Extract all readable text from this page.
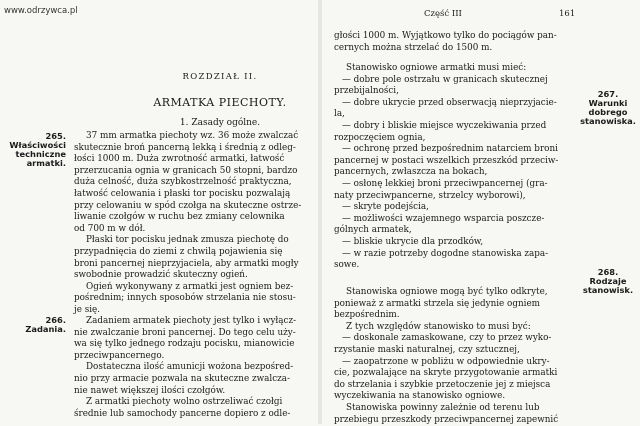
www.odrzywca.pl	Część III	161
ROZDZIAŁ II.
ARMATKA PIECHOTY.
1. Zasady ogólne.
37 mm armatka piechoty wz. 36 może zwalczać
skutecznie broń pancerną lekką i średnią z odleg-
łości 1000 m. Duża zwrotność armatki, łatwość
przerzucania ognia w granicach 50 stopni, bardzo
duża celność, duża szybkostrzelność praktyczna,
łatwość celowania i płaski tor pocisku pozwalają
przy celowaniu w spód czołga na skuteczne ostrze-
liwanie czołgów w ruchu bez zmiany celownika
od 700 m w dół.
Płaski tor pocisku jednak zmusza piechotę do
przypadnięcia do ziemi z chwilą pojawienia się
broni pancernej nieprzyjaciela, aby armatki mogły
swobodnie prowadzić skuteczny ogień.
Ogień wykonywany z armatki jest ogniem bez-
pośrednim; innych sposobów strzelania nie stosu-
je się.
Zadaniem armatek piechoty jest tylko i wyłącz-
nie zwalczanie broni pancernej. Do tego celu uży-
wa się tylko jednego rodzaju pocisku, mianowicie
przeciwpancernego.
Dostateczna ilość amunicji wożona bezpośred-
nio przy armacie pozwala na skuteczne zwalcza-
nie nawet większej ilości czołgów.
Z armatki piechoty wolno ostrzeliwać czołgi
średnie lub samochody pancerne dopiero z odle-
głości 1000 m. Wyjątkowo tylko do pociągów pan-
cernych można strzelać do 1500 m.
Stanowisko ogniowe armatki musi mieć:
— dobre pole ostrzału w granicach skutecznej
przebijalności,
— dobre ukrycie przed obserwacją nieprzyjacie-
la,
— dobry i bliskie miejsce wyczekiwania przed
rozpoczęciem ognia,
— ochronę przed bezpośrednim natarciem broni
pancernej w postaci wszelkich przeszkód przeciw-
pancernych, zwłaszcza na bokach,
— osłonę lekkiej broni przeciwpancernej (gra-
naty przeciwpancerne, strzelcy wyborowi),
— skryte podejścia,
— możliwości wzajemnego wsparcia poszcze-
gólnych armatek,
— bliskie ukrycie dla przodków,
— w razie potrzeby dogodne stanowiska zapa-
sowe.
Stanowiska ogniowe mogą być tylko odkryte,
ponieważ z armatki strzela się jedynie ogniem
bezpośrednim.
Z tych względów stanowisko to musi być:
— doskonale zamaskowane, czy to przez wyko-
rzystanie maski naturalnej, czy sztucznej,
— zaopatrzone w pobliżu w odpowiednie ukry-
cie, pozwalające na skryte przygotowanie armatki
do strzelania i szybkie przetoczenie jej z miejsca
wyczekiwania na stanowisko ogniowe.
Stanowiska powinny zależnie od terenu lub
przebiegu przeszkody przeciwpancernej zapewnić
265.
Właściwości
techniczne
armatki.
266.
Zadania.
267.
Warunki
dobrego
stanowiska.
268.
Rodzaje
stanowisk.
